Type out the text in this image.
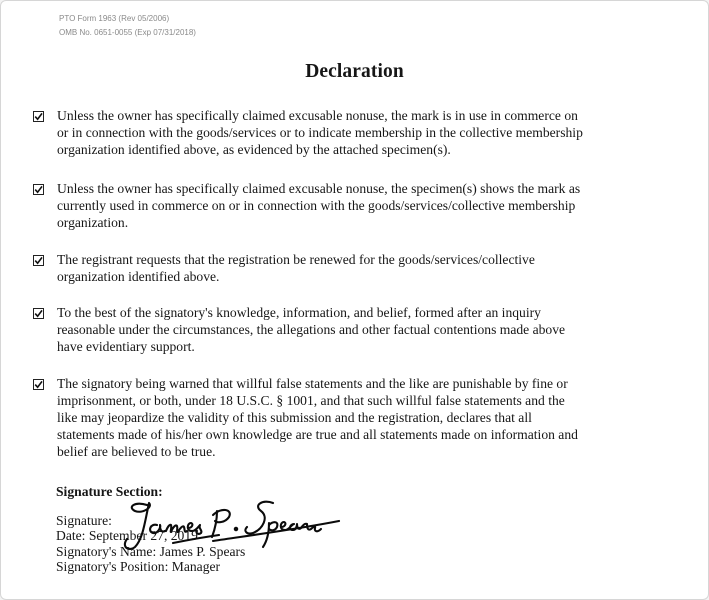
PTO Form 1963 (Rev 05/2006)
OMB No. 0651-0055 (Exp 07/31/2018)
Declaration
Unless the owner has specifically claimed excusable nonuse, the mark is in use in commerce on
or in connection with the goods/services or to indicate membership in the collective membership
organization identified above, as evidenced by the attached specimen(s).
Unless the owner has specifically claimed excusable nonuse, the specimen(s) shows the mark as
currently used in commerce on or in connection with the goods/services/collective membership
organization.
The registrant requests that the registration be renewed for the goods/services/collective
organization identified above.
To the best of the signatory's knowledge, information, and belief, formed after an inquiry
reasonable under the circumstances, the allegations and other factual contentions made above
have evidentiary support.
The signatory being warned that willful false statements and the like are punishable by fine or
imprisonment, or both, under 18 U.S.C. § 1001, and that such willful false statements and the
like may jeopardize the validity of this submission and the registration, declares that all
statements made of his/her own knowledge are true and all statements made on information and
belief are believed to be true.
Signature Section:
Signature:
Date: September 27, 2019
Signatory's Name: James P. Spears
Signatory's Position: Manager
